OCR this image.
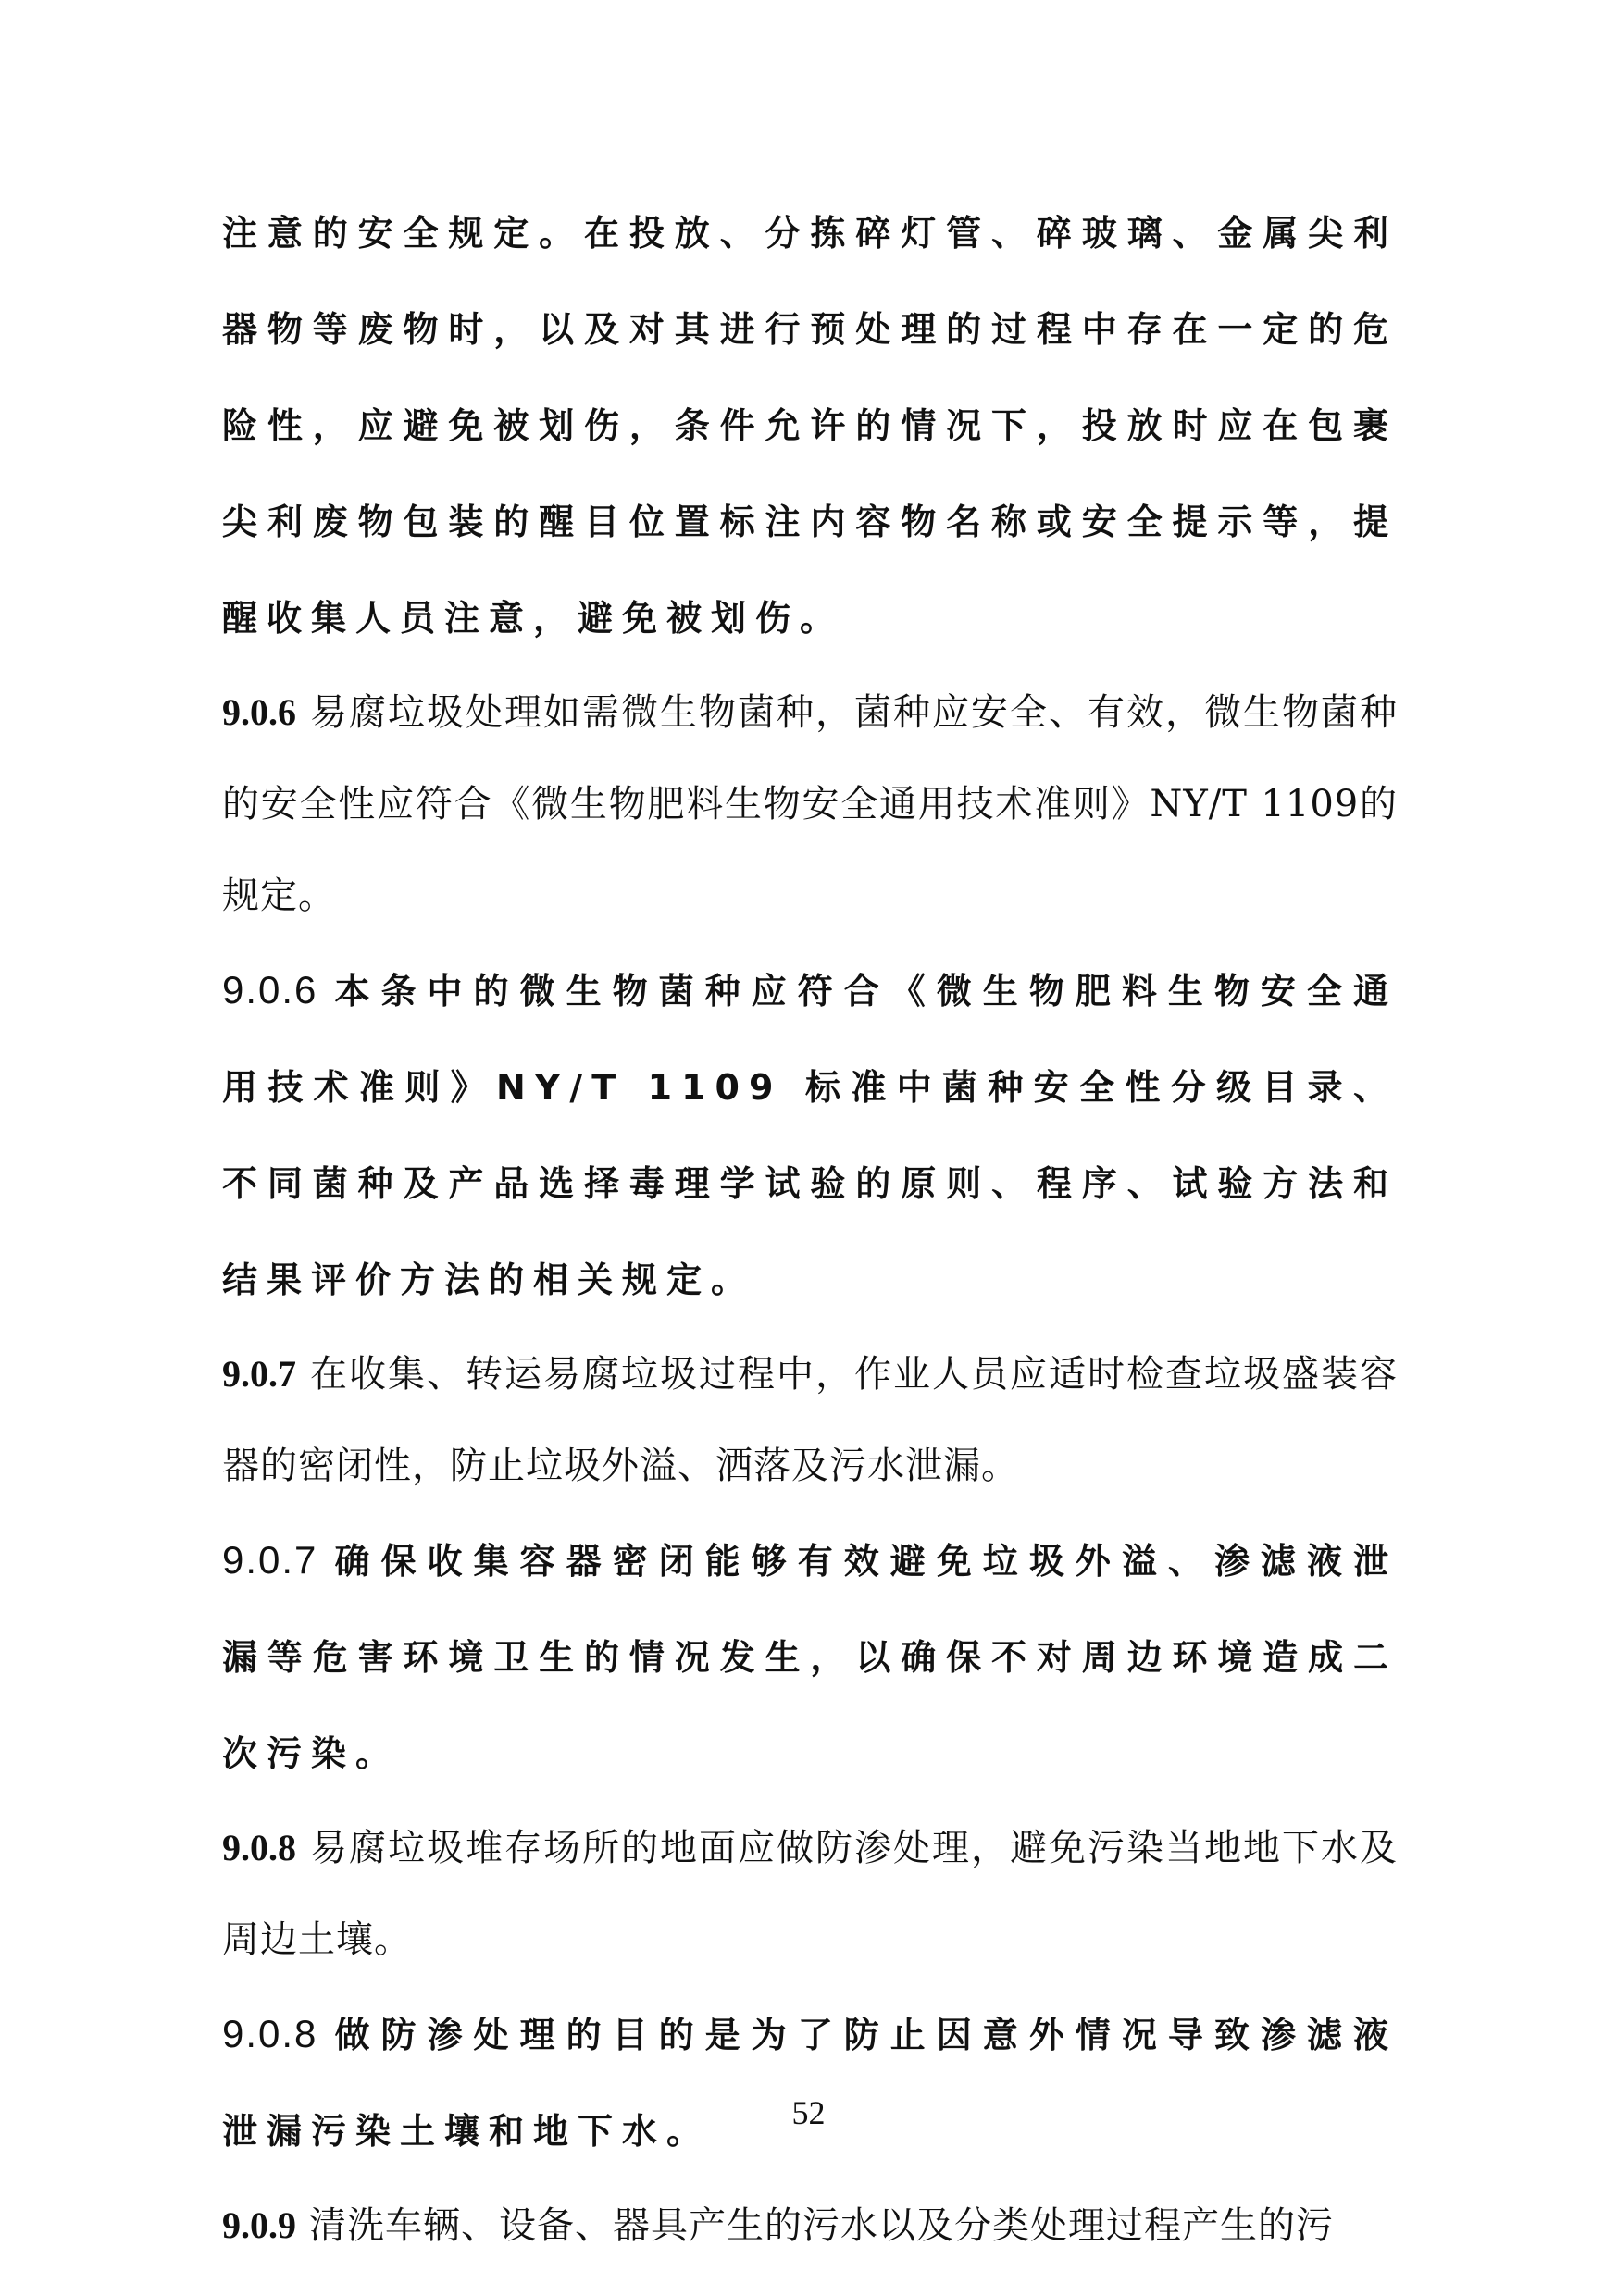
注意的安全规定。在投放、分拣碎灯管、碎玻璃、金属尖利器物等废物时，以及对其进行预处理的过程中存在一定的危险性，应避免被划伤，条件允许的情况下，投放时应在包裹尖利废物包装的醒目位置标注内容物名称或安全提示等，提醒收集人员注意，避免被划伤。

9.0.6 易腐垃圾处理如需微生物菌种，菌种应安全、有效，微生物菌种的安全性应符合《微生物肥料生物安全通用技术准则》NY/T 1109的规定。

9.0.6 本条中的微生物菌种应符合《微生物肥料生物安全通用技术准则》NY/T 1109 标准中菌种安全性分级目录、不同菌种及产品选择毒理学试验的原则、程序、试验方法和结果评价方法的相关规定。

9.0.7 在收集、转运易腐垃圾过程中，作业人员应适时检查垃圾盛装容器的密闭性，防止垃圾外溢、洒落及污水泄漏。

9.0.7 确保收集容器密闭能够有效避免垃圾外溢、渗滤液泄漏等危害环境卫生的情况发生，以确保不对周边环境造成二次污染。

9.0.8 易腐垃圾堆存场所的地面应做防渗处理，避免污染当地地下水及周边土壤。

9.0.8 做防渗处理的目的是为了防止因意外情况导致渗滤液泄漏污染土壤和地下水。

9.0.9 清洗车辆、设备、器具产生的污水以及分类处理过程产生的污

52
